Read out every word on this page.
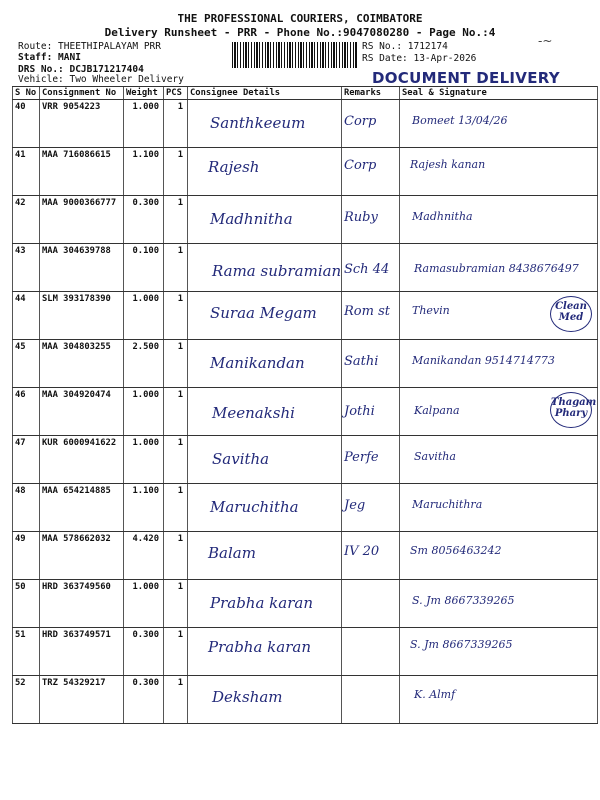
THE PROFESSIONAL COURIERS, COIMBATORE
Delivery Runsheet - PRR - Phone No.:9047080280 - Page No.:4
Route: THEETHIPALAYAM PRR
Staff: MANI
DRS No.: DCJB171217404
Vehicle: Two Wheeler Delivery
RS No.: 1712174
RS Date: 13-Apr-2026
-~
DOCUMENT DELIVERY
S No	Consignment No	Weight	PCS	Consignee Details	Remarks	Seal & Signature
40	VRR 9054223	1.000	1	Santhkeeum	Corp	Bomeet 13/04/26

41	MAA 716086615	1.100	1	Rajesh	Corp	Rajesh kanan

42	MAA 9000366777	0.300	1	Madhnitha	Ruby	Madhnitha

43	MAA 304639788	0.100	1	Rama subramian	Sch 44	Ramasubramian 8438676497

44	SLM 393178390	1.000	1	Suraa Megam	Rom st	Thevin Clean Med

45	MAA 304803255	2.500	1	Manikandan	Sathi	Manikandan 9514714773

46	MAA 304920474	1.000	1	Meenakshi	Jothi	Kalpana
Thagam Phary

47	KUR 6000941622	1.000	1	Savitha	Perfe	Savitha

48	MAA 654214885	1.100	1	Maruchitha	Jeg	Maruchithra

49	MAA 578662032	4.420	1	Balam	IV 20	Sm 8056463242

50	HRD 363749560	1.000	1	Prabha karan		S. Jm 8667339265

51	HRD 363749571	0.300	1	Prabha karan		S. Jm 8667339265

52	TRZ 54329217	0.300	1	Deksham		K. Almf
